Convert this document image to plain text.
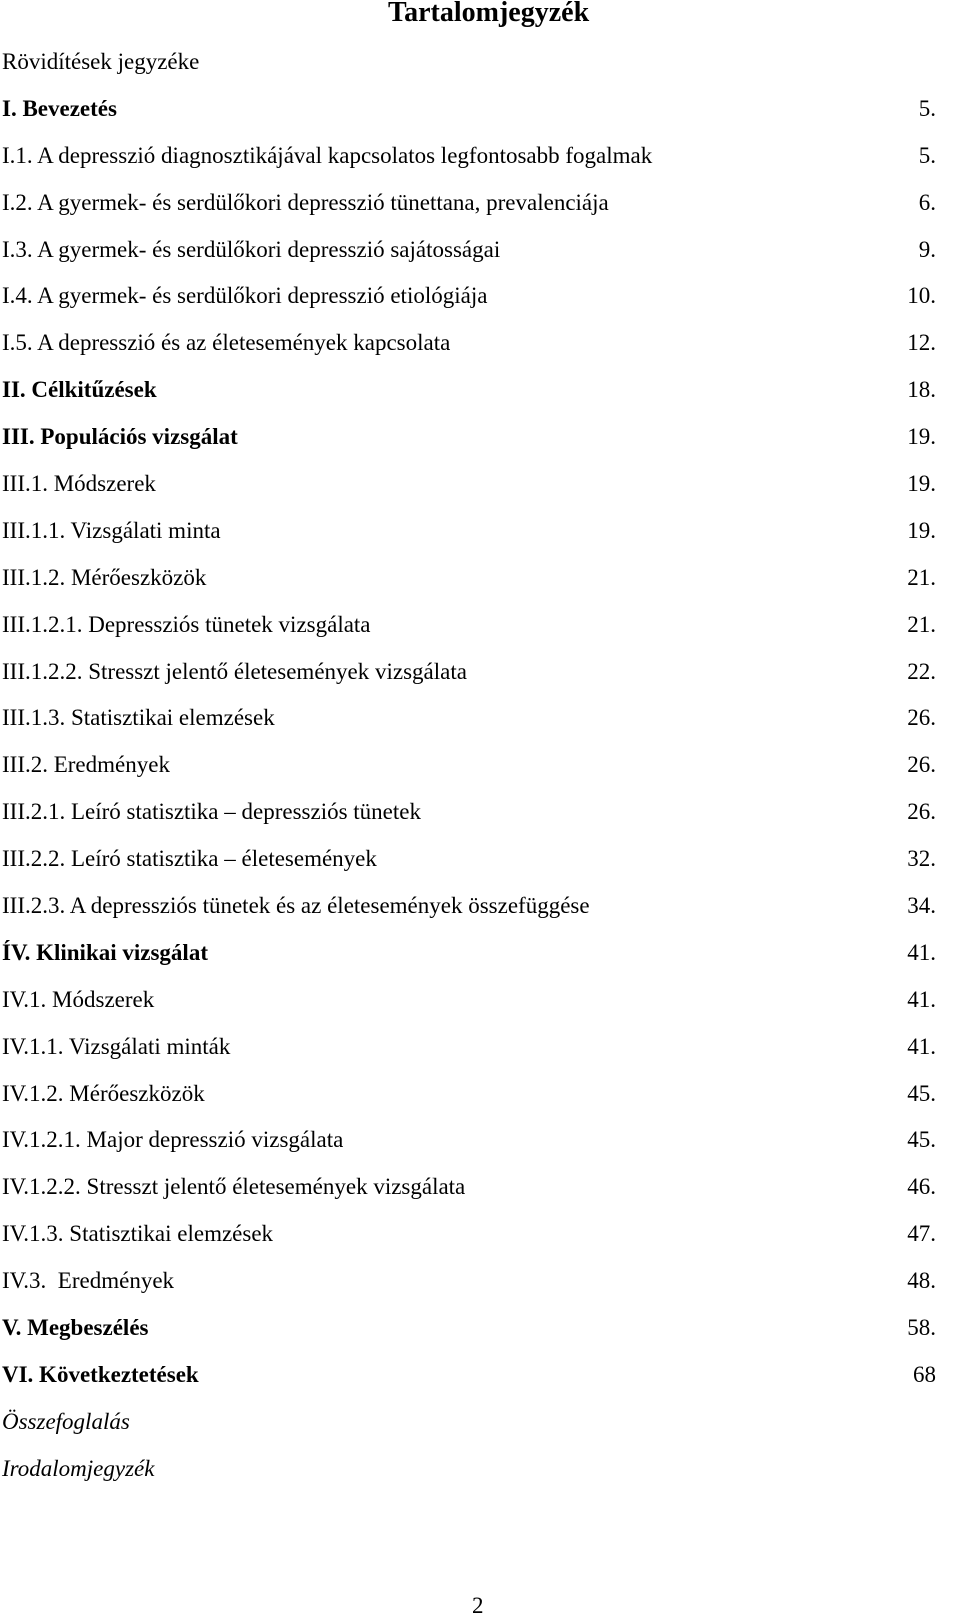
Tartalomjegyzék
Rövidítések jegyzéke
I. Bevezetés	5.
I.1. A depresszió diagnosztikájával kapcsolatos legfontosabb fogalmak	5.
I.2. A gyermek- és serdülőkori depresszió tünettana, prevalenciája	6.
I.3. A gyermek- és serdülőkori depresszió sajátosságai	9.
I.4. A gyermek- és serdülőkori depresszió etiológiája	10.
I.5. A depresszió és az életesemények kapcsolata	12.
II. Célkitűzések	18.
III. Populációs vizsgálat	19.
III.1. Módszerek	19.
III.1.1. Vizsgálati minta	19.
III.1.2. Mérőeszközök	21.
III.1.2.1. Depressziós tünetek vizsgálata	21.
III.1.2.2. Stresszt jelentő életesemények vizsgálata	22.
III.1.3. Statisztikai elemzések	26.
III.2. Eredmények	26.
III.2.1. Leíró statisztika – depressziós tünetek	26.
III.2.2. Leíró statisztika – életesemények	32.
III.2.3. A depressziós tünetek és az életesemények összefüggése	34.
ÍV. Klinikai vizsgálat	41.
IV.1. Módszerek	41.
IV.1.1. Vizsgálati minták	41.
IV.1.2. Mérőeszközök	45.
IV.1.2.1. Major depresszió vizsgálata	45.
IV.1.2.2. Stresszt jelentő életesemények vizsgálata	46.
IV.1.3. Statisztikai elemzések	47.
IV.3.  Eredmények	48.
V. Megbeszélés	58.
VI. Következtetések	68
Összefoglalás
Irodalomjegyzék
2
